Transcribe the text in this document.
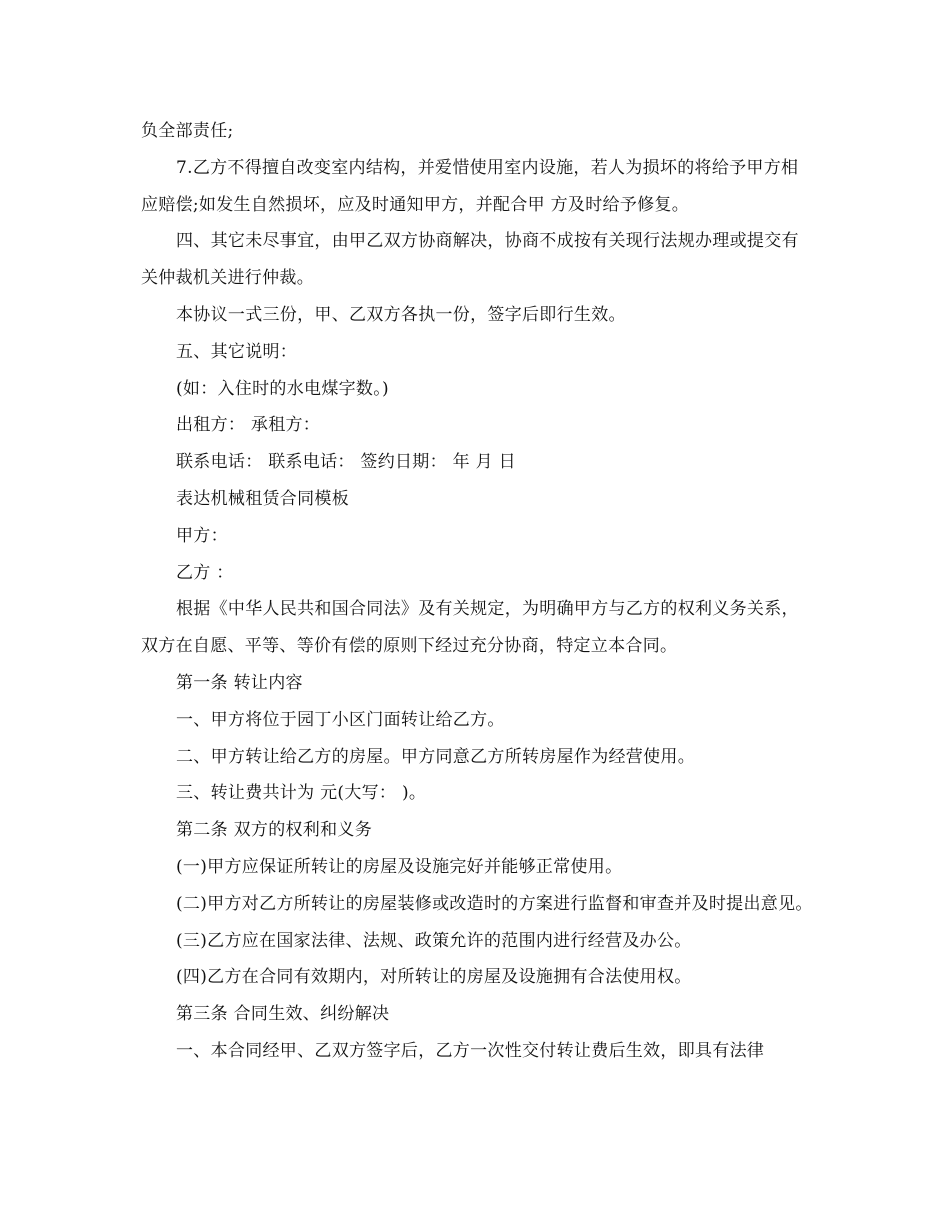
负全部责任;

7.乙方不得擅自改变室内结构，并爱惜使用室内设施，若人为损坏的将给予甲方相应赔偿;如发生自然损坏，应及时通知甲方，并配合甲 方及时给予修复。

四、其它未尽事宜，由甲乙双方协商解决，协商不成按有关现行法规办理或提交有关仲裁机关进行仲裁。

本协议一式三份，甲、乙双方各执一份，签字后即行生效。

五、其它说明：

(如：入住时的水电煤字数。)

出租方： 承租方：

联系电话： 联系电话： 签约日期： 年 月 日

表达机械租赁合同模板

甲方：

乙方 ：

根据《中华人民共和国合同法》及有关规定，为明确甲方与乙方的权利义务关系，双方在自愿、平等、等价有偿的原则下经过充分协商，特定立本合同。

第一条 转让内容

一、甲方将位于园丁小区门面转让给乙方。

二、甲方转让给乙方的房屋。甲方同意乙方所转房屋作为经营使用。

三、转让费共计为 元(大写： )。

第二条 双方的权利和义务

(一)甲方应保证所转让的房屋及设施完好并能够正常使用。

(二)甲方对乙方所转让的房屋装修或改造时的方案进行监督和审查并及时提出意见。

(三)乙方应在国家法律、法规、政策允许的范围内进行经营及办公。

(四)乙方在合同有效期内，对所转让的房屋及设施拥有合法使用权。

第三条 合同生效、纠纷解决

一、本合同经甲、乙双方签字后，乙方一次性交付转让费后生效，即具有法律
